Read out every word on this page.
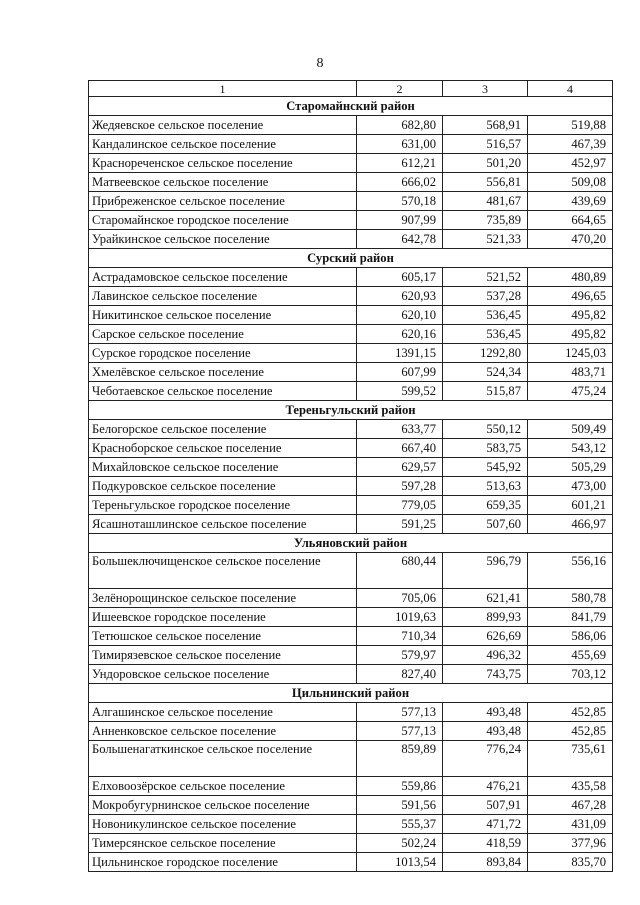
8
1	2	3	4
Старомайнский район			
Жедяевское сельское поселение	682,80	568,91	519,88
Кандалинское сельское поселение	631,00	516,57	467,39
Краснореченское сельское поселение	612,21	501,20	452,97
Матвеевское сельское поселение	666,02	556,81	509,08
Прибреженское сельское поселение	570,18	481,67	439,69
Старомайнское городское поселение	907,99	735,89	664,65
Урайкинское сельское поселение	642,78	521,33	470,20
Сурский район			
Астрадамовское сельское поселение	605,17	521,52	480,89
Лавинское сельское поселение	620,93	537,28	496,65
Никитинское сельское поселение	620,10	536,45	495,82
Сарское сельское поселение	620,16	536,45	495,82
Сурское городское поселение	1391,15	1292,80	1245,03
Хмелёвское сельское поселение	607,99	524,34	483,71
Чеботаевское сельское поселение	599,52	515,87	475,24
Тереньгульский район			
Белогорское сельское поселение	633,77	550,12	509,49
Красноборское сельское поселение	667,40	583,75	543,12
Михайловское сельское поселение	629,57	545,92	505,29
Подкуровское сельское поселение	597,28	513,63	473,00
Тереньгульское городское поселение	779,05	659,35	601,21
Ясашноташлинское сельское поселение	591,25	507,60	466,97
Ульяновский район			
Большеключищенское сельское поселение	680,44	596,79	556,16
Зелёнорощинское сельское поселение	705,06	621,41	580,78
Ишеевское городское поселение	1019,63	899,93	841,79
Тетюшское сельское поселение	710,34	626,69	586,06
Тимирязевское сельское поселение	579,97	496,32	455,69
Ундоровское сельское поселение	827,40	743,75	703,12
Цильнинский район			
Алгашинское сельское поселение	577,13	493,48	452,85
Анненковское сельское поселение	577,13	493,48	452,85
Большенагаткинское сельское поселение	859,89	776,24	735,61
Елховоозёрское сельское поселение	559,86	476,21	435,58
Мокробугурнинское сельское поселение	591,56	507,91	467,28
Новоникулинское сельское поселение	555,37	471,72	431,09
Тимерсянское сельское поселение	502,24	418,59	377,96
Цильнинское городское поселение	1013,54	893,84	835,70
